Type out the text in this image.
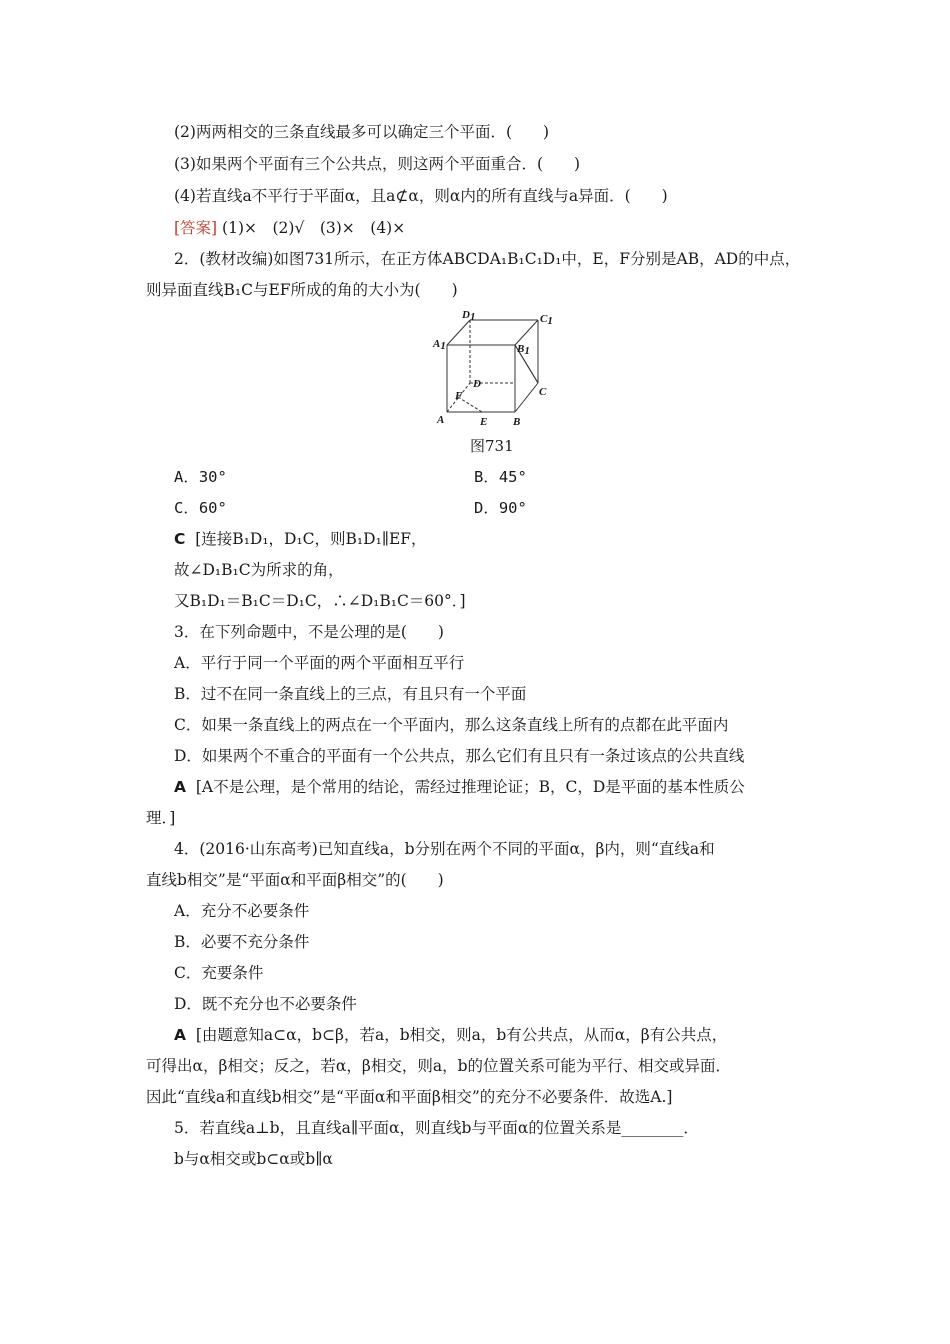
(2)两两相交的三条直线最多可以确定三个平面．(　　)
(3)如果两个平面有三个公共点，则这两个平面重合．(　　)
(4)若直线a不平行于平面α，且a⊄α，则α内的所有直线与a异面．(　　)
[答案] (1)×　(2)√　(3)×　(4)×
2．(教材改编)如图731所示，在正方体ABCDA₁B₁C₁D₁中，E，F分别是AB，AD的中点，
则异面直线B₁C与EF所成的角的大小为(　　)
D1	C1
A1	B1
D
C
F
A	E B
图731
A．30°	B．45°
C．60°	D．90°
C [连接B₁D₁，D₁C，则B₁D₁∥EF，
故∠D₁B₁C为所求的角，
又B₁D₁＝B₁C＝D₁C，∴∠D₁B₁C＝60°．]
3．在下列命题中，不是公理的是(　　)
A．平行于同一个平面的两个平面相互平行
B．过不在同一条直线上的三点，有且只有一个平面
C．如果一条直线上的两点在一个平面内，那么这条直线上所有的点都在此平面内
D．如果两个不重合的平面有一个公共点，那么它们有且只有一条过该点的公共直线
A [A不是公理，是个常用的结论，需经过推理论证；B，C，D是平面的基本性质公
理．]
4．(2016·山东高考)已知直线a，b分别在两个不同的平面α，β内，则“直线a和
直线b相交”是“平面α和平面β相交”的(　　)
A．充分不必要条件
B．必要不充分条件
C．充要条件
D．既不充分也不必要条件
A [由题意知a⊂α，b⊂β，若a，b相交，则a，b有公共点，从而α，β有公共点，
可得出α，β相交；反之，若α，β相交，则a，b的位置关系可能为平行、相交或异面．
因此“直线a和直线b相交”是“平面α和平面β相交”的充分不必要条件．故选A.]
5．若直线a⊥b，且直线a∥平面α，则直线b与平面α的位置关系是________．
b与α相交或b⊂α或b∥α
